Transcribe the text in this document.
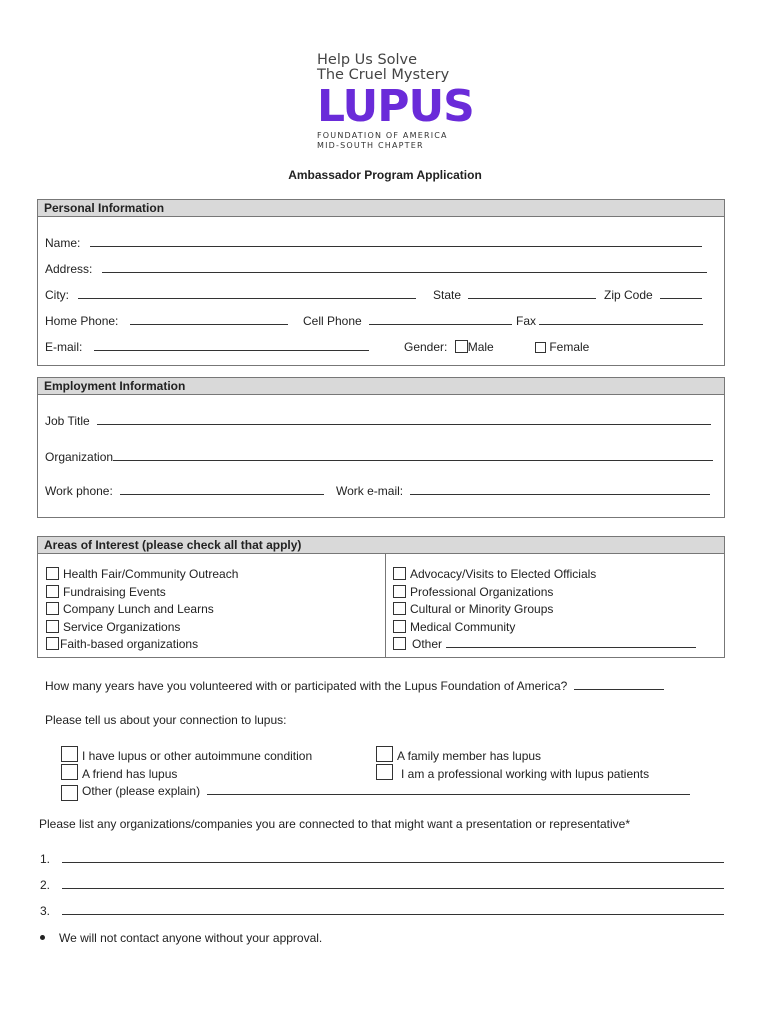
Help Us Solve
The Cruel Mystery
LUPUS
FOUNDATION OF AMERICA
MID-SOUTH CHAPTER
Ambassador Program Application
Personal Information
Name:
Address:
City:	State	Zip Code
Home Phone:	Cell Phone	Fax
E-mail:	Gender: Male	Female
Employment Information
Job Title
Organization
Work phone:	Work e-mail:
Areas of Interest (please check all that apply)
Health Fair/Community Outreach
Fundraising Events
Company Lunch and Learns
Service Organizations
Faith-based organizations
Advocacy/Visits to Elected Officials
Professional Organizations
Cultural or Minority Groups
Medical Community
Other
How many years have you volunteered with or participated with the Lupus Foundation of America?
Please tell us about your connection to lupus:
I have lupus or other autoimmune condition
A friend has lupus
Other (please explain)
A family member has lupus
I am a professional working with lupus patients
Please list any organizations/companies you are connected to that might want a presentation or representative*
1.
2.
3.
We will not contact anyone without your approval.
